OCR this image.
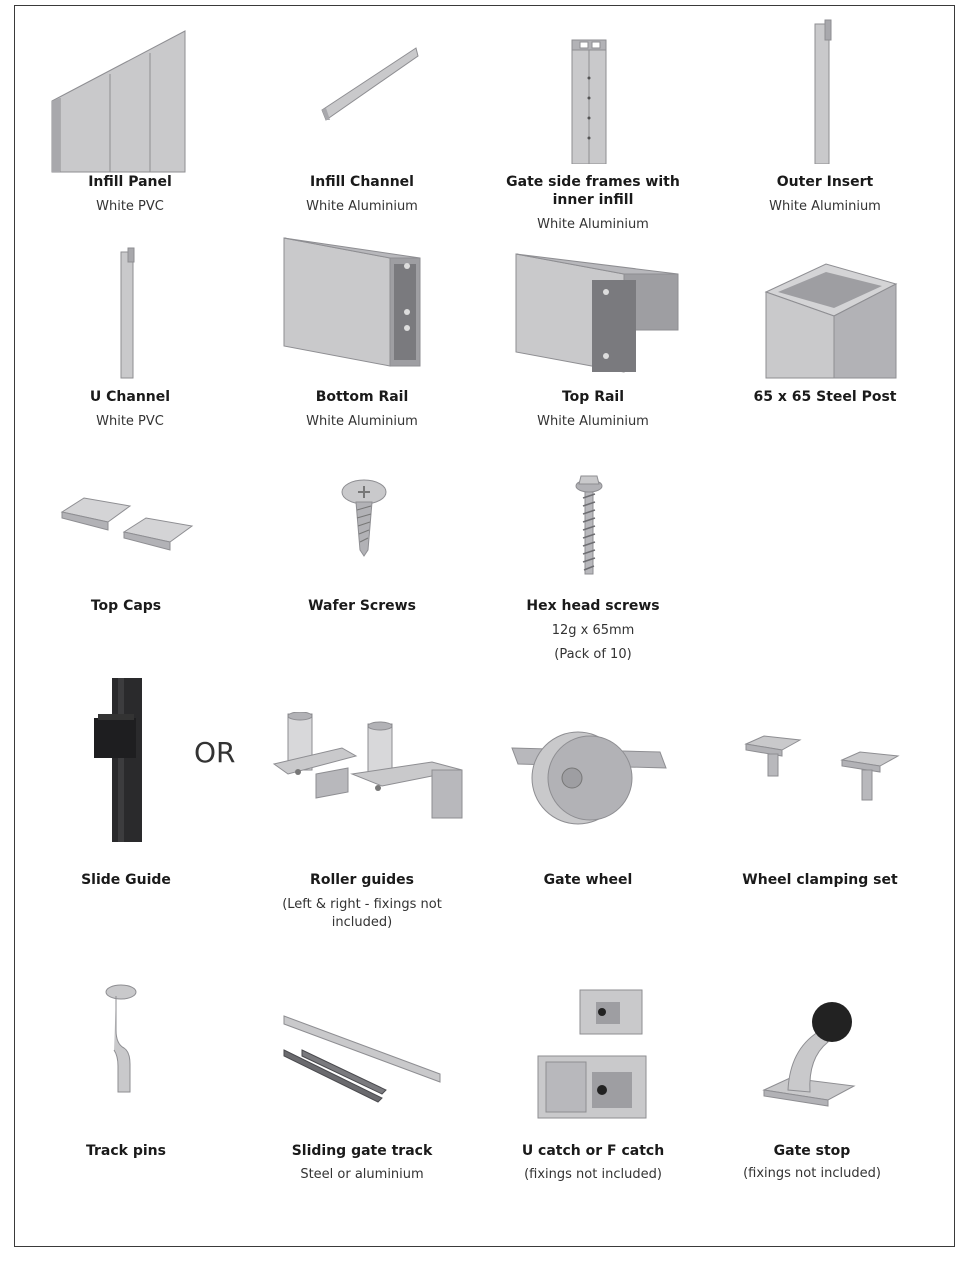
Infill Panel
White PVC
Infill Channel
White Aluminium
Gate side frames with
inner infill
White Aluminium
Outer Insert
White Aluminium
U Channel
White PVC
Bottom Rail
White Aluminium
Top Rail
White Aluminium
65 x 65 Steel Post
Top Caps	Wafer Screws	Hex head screws
12g x 65mm
(Pack of 10)
OR
Slide Guide	Roller guides
(Left & right - fixings not
included)
Gate wheel	Wheel clamping set
Track pins	Sliding gate track
Steel or aluminium
U catch or F catch
(fixings not included)
Gate stop
(fixings not included)
